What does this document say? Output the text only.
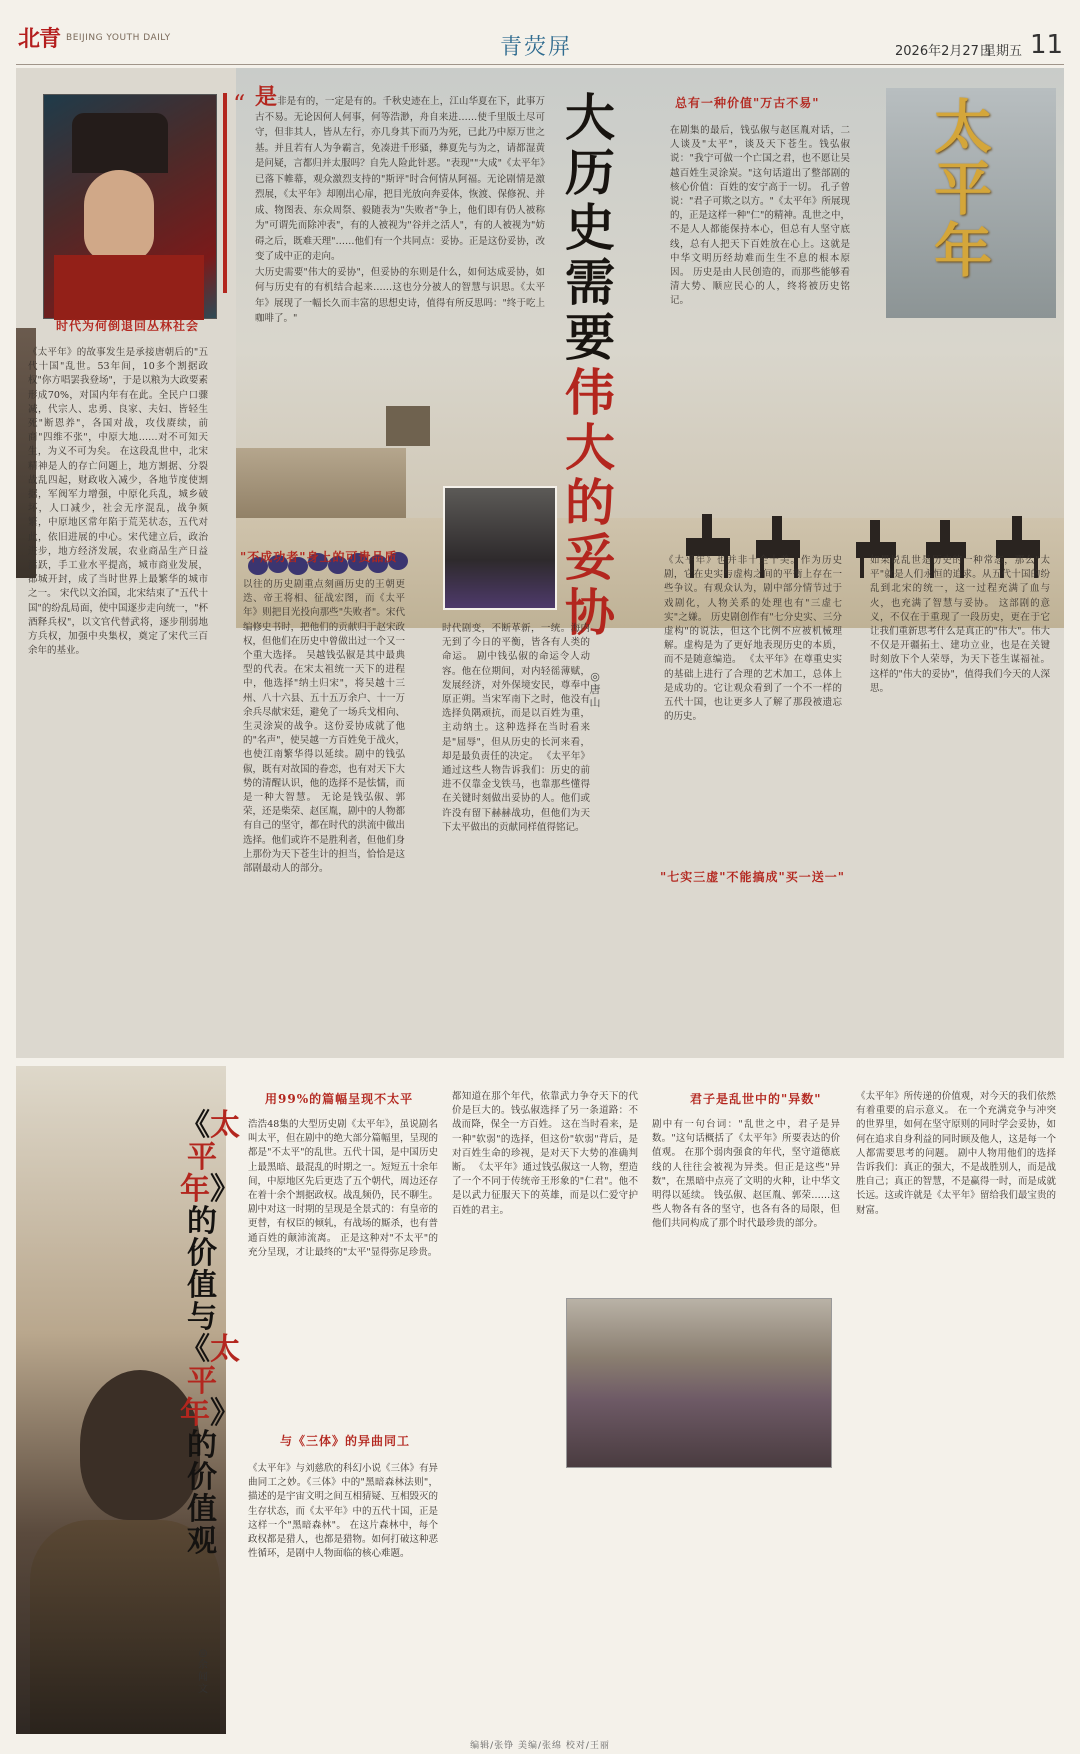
北青 BEIJING YOUTH DAILY	青荧屏	2026年2月27日
星期五 11
“ 是非是有的，一定是有的。千秋史迹在上，江山华夏在下，此事万古不易。无论因何人何事，何等浩渺，舟自来进……使千里版土尽可守，但非其人，皆从左行，亦几身其下而乃为死，已此乃中原万世之基。并且若有人为争霸言，免凑进千形骚，彝夏先与为之，请都湿黄是问疑，言都归并太服吗？自先人险此针恶。"表现""大成"《太平年》已落下帷幕，观众激烈支持的"斯评"时合何情从阿福。无论剧情是激烈展，《太平年》却刚出心扉，把目光放向奔妥体，恢渡、保修祝、并成、物图表、东众周祭、毅随表为"失败者"争上，他们即有仍人被称为"可谓先而除冲表"，有的人被视为"谷并之活人"，有的人被视为"妨碍之后，既难天理"……他们有一个共同点：妥协。正是这份妥协，改变了成中正的走向。
大历史需要"伟大的妥协"，但妥协的东则是什么，如何达成妥协，如何与历史有的有机结合起来……这也分分被人的智慧与识思。《太平年》展现了一幅长久而丰富的思想史诗，值得有所反思吗："终于吃上咖啡了。"
大历史需要伟大的妥协
◎唐山
太平年
时代为何倒退回丛林社会
《太平年》的故事发生是承接唐朝后的"五代十国"乱世。53年间，10多个割据政权"你方唱罢我登场"，于是以粮为大政要素形成70%，对国内年有在此。全民户口骤减，代宗人、忠勇、良家、夫妇、皆轻生死"断恩养"，各国对战，攻伐赓续，前商"四维不张"，中原大地……对不可知天生，为义不可为矣。 在这段乱世中，北宋精神是人的存亡问题上，地方割据、分裂战乱四起，财政收入减少，各地节度使割据，军阀军力增强，中原化兵乱，城乡破坏，人口减少，社会无序混乱，战争频繁，中原地区常年陷于荒芜状态，五代对此，依旧进展的中心。宋代建立后，政治进步，地方经济发展，农业商品生产日益活跃，手工业水平提高，城市商业发展，都城开封，成了当时世界上最繁华的城市之一。 宋代以文治国，北宋结束了"五代十国"的纷乱局面，使中国逐步走向统一，"杯酒释兵权"，以文官代替武将，逐步削弱地方兵权，加强中央集权，奠定了宋代三百余年的基业。
"不成功者"身上的可贵品质
以往的历史剧重点刻画历史的王朝更迭、帝王将相、征战宏图，而《太平年》则把目光投向那些"失败者"。宋代编修史书时，把他们的贡献归于赵宋政权，但他们在历史中曾做出过一个又一个重大选择。 吴越钱弘俶是其中最典型的代表。在宋太祖统一天下的进程中，他选择"纳土归宋"，将吴越十三州、八十六县、五十五万余户、十一万余兵尽献宋廷，避免了一场兵戈相向、生灵涂炭的战争。这份妥协成就了他的"名声"，使吴越一方百姓免于战火，也使江南繁华得以延续。剧中的钱弘俶，既有对故国的眷恋，也有对天下大势的清醒认识，他的选择不是怯懦，而是一种大智慧。 无论是钱弘俶、郭荣，还是柴荣、赵匡胤，剧中的人物都有自己的坚守，都在时代的洪流中做出选择。他们或许不是胜利者，但他们身上那份为天下苍生计的担当，恰恰是这部剧最动人的部分。
时代剧变，不断革新，一统。海内无到了今日的平衡，皆各有人类的命运。 剧中钱弘俶的命运令人动容。他在位期间，对内轻徭薄赋，发展经济，对外保境安民，尊奉中原正朔。当宋军南下之时，他没有选择负隅顽抗，而是以百姓为重，主动纳土。这种选择在当时看来是"屈辱"，但从历史的长河来看，却是最负责任的决定。 《太平年》通过这些人物告诉我们：历史的前进不仅靠金戈铁马，也靠那些懂得在关键时刻做出妥协的人。他们或许没有留下赫赫战功，但他们为天下太平做出的贡献同样值得铭记。
总有一种价值"万古不易"
在剧集的最后，钱弘俶与赵匡胤对话，二人谈及"太平"，谈及天下苍生。钱弘俶说："我宁可做一个亡国之君，也不愿让吴越百姓生灵涂炭。"这句话道出了整部剧的核心价值：百姓的安宁高于一切。 孔子曾说："君子可欺之以方。"《太平年》所展现的，正是这样一种"仁"的精神。乱世之中，不是人人都能保持本心，但总有人坚守底线，总有人把天下百姓放在心上。这就是中华文明历经劫难而生生不息的根本原因。 历史是由人民创造的，而那些能够看清大势、顺应民心的人，终将被历史铭记。
"七实三虚"不能搞成"买一送一"
《太平年》也并非十全十美。作为历史剧，它在史实与虚构之间的平衡上存在一些争议。有观众认为，剧中部分情节过于戏剧化，人物关系的处理也有"三虚七实"之嫌。 历史剧创作有"七分史实、三分虚构"的说法，但这个比例不应被机械理解。虚构是为了更好地表现历史的本质，而不是随意编造。 《太平年》在尊重史实的基础上进行了合理的艺术加工，总体上是成功的。它让观众看到了一个不一样的五代十国，也让更多人了解了那段被遗忘的历史。
如果说乱世是历史的一种常态，那么"太平"就是人们永恒的追求。从五代十国的纷乱到北宋的统一，这一过程充满了血与火，也充满了智慧与妥协。 这部剧的意义，不仅在于重现了一段历史，更在于它让我们重新思考什么是真正的"伟大"。伟大不仅是开疆拓土、建功立业，也是在关键时刻放下个人荣辱，为天下苍生谋福祉。这样的"伟大的妥协"，值得我们今天的人深思。
《太平年》的价值与《太平年》的价值观
◎余闻文
用99%的篇幅呈现不太平
浩浩48集的大型历史剧《太平年》，虽说剧名叫太平，但在剧中的绝大部分篇幅里，呈现的都是"不太平"的乱世。五代十国，是中国历史上最黑暗、最混乱的时期之一。短短五十余年间，中原地区先后更迭了五个朝代，周边还存在着十余个割据政权。战乱频仍，民不聊生。 剧中对这一时期的呈现是全景式的：有皇帝的更替，有权臣的倾轧，有战场的厮杀，也有普通百姓的颠沛流离。 正是这种对"不太平"的充分呈现，才让最终的"太平"显得弥足珍贵。
与《三体》的异曲同工
《太平年》与刘慈欣的科幻小说《三体》有异曲同工之妙。《三体》中的"黑暗森林法则"，描述的是宇宙文明之间互相猜疑、互相毁灭的生存状态，而《太平年》中的五代十国，正是这样一个"黑暗森林"。 在这片森林中，每个政权都是猎人，也都是猎物。如何打破这种恶性循环，是剧中人物面临的核心难题。
都知道在那个年代，依靠武力争夺天下的代价是巨大的。钱弘俶选择了另一条道路：不战而降，保全一方百姓。 这在当时看来，是一种"软弱"的选择，但这份"软弱"背后，是对百姓生命的珍视，是对天下大势的准确判断。 《太平年》通过钱弘俶这一人物，塑造了一个不同于传统帝王形象的"仁君"。他不是以武力征服天下的英雄，而是以仁爱守护百姓的君主。
君子是乱世中的"异数"
剧中有一句台词："乱世之中，君子是异数。"这句话概括了《太平年》所要表达的价值观。 在那个弱肉强食的年代，坚守道德底线的人往往会被视为异类。但正是这些"异数"，在黑暗中点亮了文明的火种，让中华文明得以延续。 钱弘俶、赵匡胤、郭荣……这些人物各有各的坚守，也各有各的局限，但他们共同构成了那个时代最珍贵的部分。
《太平年》所传递的价值观，对今天的我们依然有着重要的启示意义。 在一个充满竞争与冲突的世界里，如何在坚守原则的同时学会妥协，如何在追求自身利益的同时顾及他人，这是每一个人都需要思考的问题。 剧中人物用他们的选择告诉我们：真正的强大，不是战胜别人，而是战胜自己；真正的智慧，不是赢得一时，而是成就长远。这或许就是《太平年》留给我们最宝贵的财富。
编辑/张铮 美编/张绵 校对/王丽
